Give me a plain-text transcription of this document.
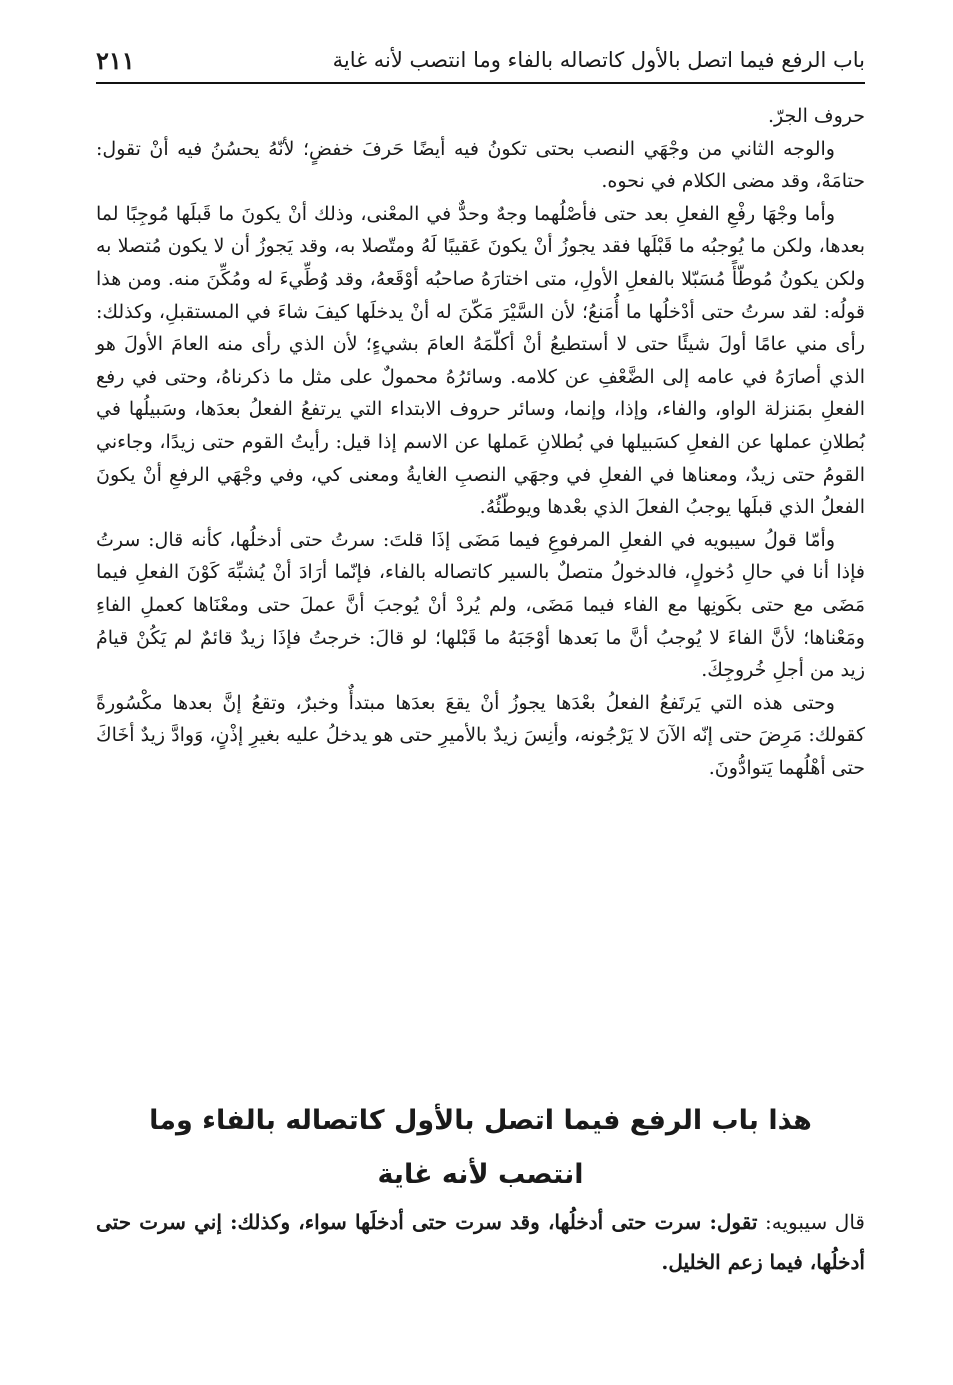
باب الرفع فيما اتصل بالأول كاتصاله بالفاء وما انتصب لأنه غاية
٢١١

حروف الجرّ.

والوجه الثاني من وجْهَي النصب بحتى تكونُ فيه أيضًا حَرفَ خفضٍ؛ لأنّهُ يحسُنُ فيه أنْ تقول: حتامَهْ، وقد مضى الكلام في نحوه.

وأما وجْهَا رفْعِ الفعلِ بعد حتى فأصْلُهما وجهٌ وحدٌّ في المعْنى، وذلك أنْ يكونَ ما قَبلَها مُوجِبًا لما بعدها، ولكن ما يُوجبُه ما قَبْلَها فقد يجوزُ أنْ يكونَ عَقيبًا لَهُ ومتّصلا به، وقد يَجوزُ أن لا يكون مُتصلا به ولكن يكونُ مُوطّأً مُسَبّلا بالفعلِ الأولِ، متى اختارَهُ صاحبُه أوْقَعهُ، وقد وُطِّيءَ له ومُكِّنَ منه. ومن هذا قولُه: لقد سرتُ حتى أدْخلُها ما أُمَنعُ؛ لأن السَّيْرَ مَكّنَ له أنْ يدخلَها كيفَ شاءَ في المستقبلِ، وكذلك: رأى مني عامًا أولَ شيئًا حتى لا أستطيعُ أنْ أكلّمَهُ العامَ بشيءٍ؛ لأن الذي رأى منه العامَ الأولَ هو الذي أصارَهُ في عامه إلى الضَّعْفِ عن كلامه. وسائرُهُ محمولٌ على مثل ما ذكرناهُ، وحتى في رفع الفعلِ بمَنزلة الواو، والفاء، وإذا، وإنما، وسائر حروف الابتداء التي يرتفعُ الفعلُ بعدَها، وسَبيلُها في بُطلانِ عملها عن الفعلِ كسَبيلها في بُطلانِ عَملها عن الاسم إذا قيل: رأيتُ القوم حتى زيدًا، وجاءني القومُ حتى زيدٌ، ومعناها في الفعلِ في وجهَي النصبِ الغايةُ ومعنى كي، وفي وجْهَي الرفعِ أنْ يكونَ الفعلُ الذي قبلَها يوجبُ الفعلَ الذي بعْدها ويوطّئُهُ.

وأمّا قولُ سيبويه في الفعلِ المرفوعِ فيما مَضَى إذَا قلتَ: سرتُ حتى أدخلُها، كأنه قال: سرتُ فإذا أنا في حالِ دُخولٍ، فالدخولُ متصلٌ بالسير كاتصاله بالفاء، فإنّما أرَادَ أنْ يُشبِّهَ كَوْنَ الفعلِ فيما مَضَى مع حتى بكَونِها مع الفاء فيما مَضَى، ولم يُردْ أنْ يُوجبَ أنَّ عملَ حتى ومعْنَاها كعملِ الفاءِ ومَعْناها؛ لأنَّ الفاءَ لا يُوجبُ أنَّ ما بَعدها أوْجَبَهُ ما قَبْلها؛ لو قالَ: خرجتُ فإذَا زيدٌ قائمٌ لم يَكُنْ قيامُ زيد من أجلِ خُروجِكَ.

وحتى هذه التي يَرتَفعُ الفعلُ بعْدَها يجوزُ أنْ يقعَ بعدَها مبتدأٌ وخبرٌ، وتقعُ إنَّ بعدها مكْسُورةً كقولك: مَرِضَ حتى إنّه الآنَ لا يَرْجُونه، وأنِسَ زيدٌ بالأميرِ حتى هو يدخلُ عليه بغيرِ إذْنٍ، وَوادَّ زيدٌ أخَاكَ حتى أهْلُهما يَتوادُّونَ.

هذا باب الرفع فيما اتصل بالأول كاتصاله بالفاء وما
انتصب لأنه غاية
قال سيبويه: تقول: سرت حتى أدخلُها، وقد سرت حتى أدخلَها سواء، وكذلك: إني سرت حتى أدخلُها، فيما زعم الخليل.
